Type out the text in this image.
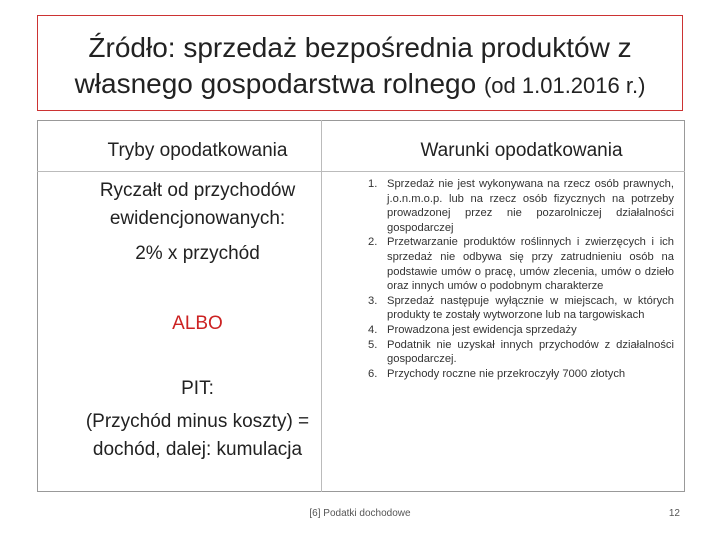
Źródło: sprzedaż bezpośrednia produktów z
własnego gospodarstwa rolnego (od 1.01.2016 r.)
Tryby opodatkowania	Warunki opodatkowania
Ryczałt od przychodów
ewidencjonowanych:
2% x przychód
ALBO
PIT:
(Przychód minus koszty) =
dochód, dalej: kumulacja
1. Sprzedaż nie jest wykonywana na rzecz osób prawnych, j.o.n.m.o.p. lub na rzecz osób fizycznych na potrzeby prowadzonej przez nie pozarolniczej działalności gospodarczej
2. Przetwarzanie produktów roślinnych i zwierzęcych i ich sprzedaż nie odbywa się przy zatrudnieniu osób na podstawie umów o pracę, umów zlecenia, umów o dzieło oraz innych umów o podobnym charakterze
3. Sprzedaż następuje wyłącznie w miejscach, w których produkty te zostały wytworzone lub na targowiskach
4. Prowadzona jest ewidencja sprzedaży
5. Podatnik nie uzyskał innych przychodów z działalności gospodarczej.
6. Przychody roczne nie przekroczyły 7000 złotych
[6] Podatki dochodowe	12
